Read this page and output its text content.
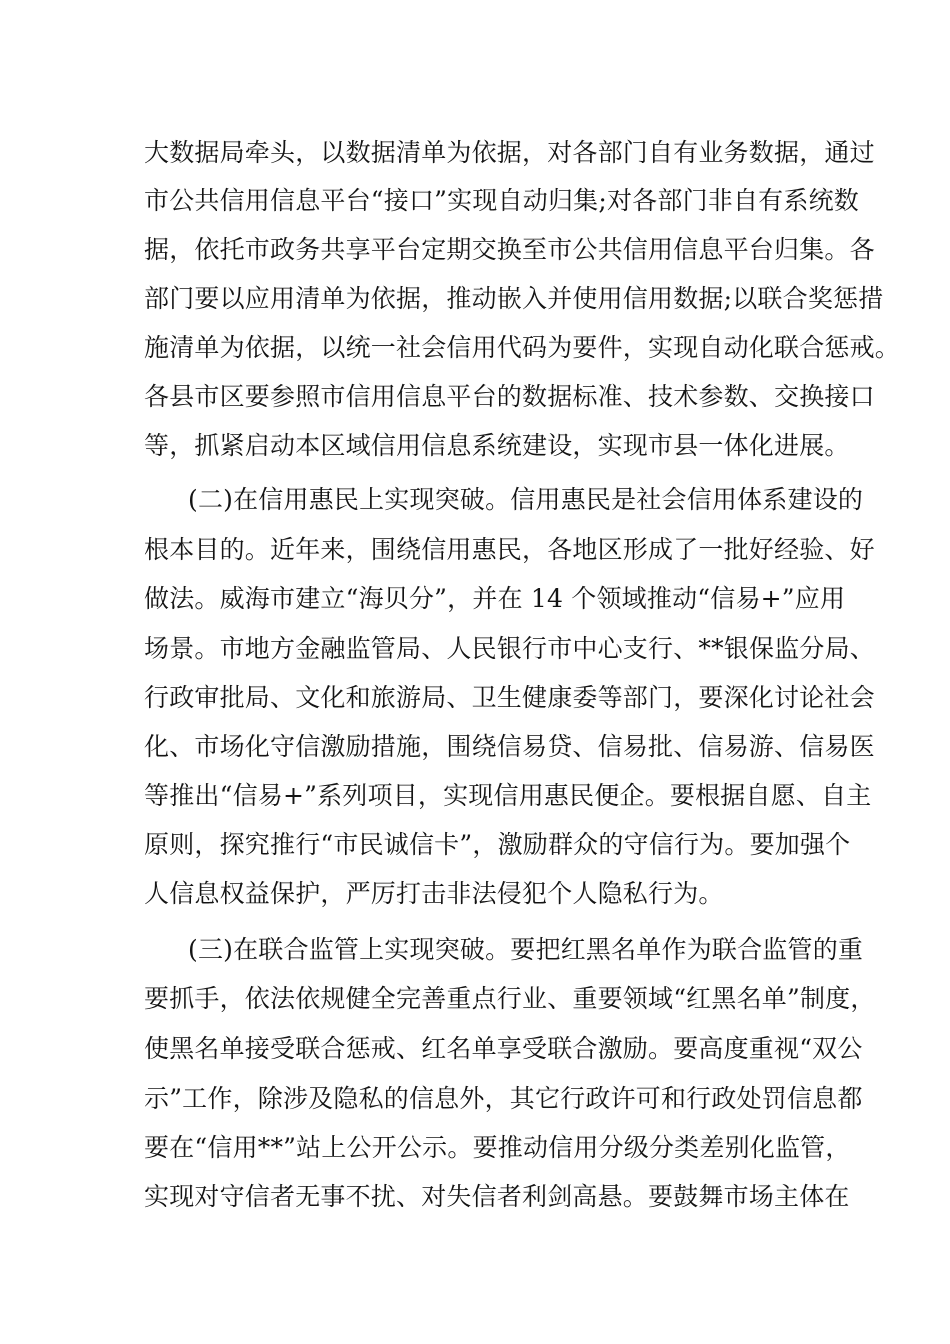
大数据局牵头，以数据清单为依据，对各部门自有业务数据，通过
市公共信用信息平台“接口”实现自动归集;对各部门非自有系统数
据，依托市政务共享平台定期交换至市公共信用信息平台归集。各
部门要以应用清单为依据，推动嵌入并使用信用数据;以联合奖惩措
施清单为依据，以统一社会信用代码为要件，实现自动化联合惩戒。
各县市区要参照市信用信息平台的数据标准、技术参数、交换接口
等，抓紧启动本区域信用信息系统建设，实现市县一体化进展。
(二)在信用惠民上实现突破。信用惠民是社会信用体系建设的
根本目的。近年来，围绕信用惠民，各地区形成了一批好经验、好
做法。威海市建立“海贝分”，并在 14 个领域推动“信易+”应用
场景。市地方金融监管局、人民银行市中心支行、**银保监分局、
行政审批局、文化和旅游局、卫生健康委等部门，要深化讨论社会
化、市场化守信激励措施，围绕信易贷、信易批、信易游、信易医
等推出“信易+”系列项目，实现信用惠民便企。要根据自愿、自主
原则，探究推行“市民诚信卡”，激励群众的守信行为。要加强个
人信息权益保护，严厉打击非法侵犯个人隐私行为。
(三)在联合监管上实现突破。要把红黑名单作为联合监管的重
要抓手，依法依规健全完善重点行业、重要领域“红黑名单”制度，
使黑名单接受联合惩戒、红名单享受联合激励。要高度重视“双公
示”工作，除涉及隐私的信息外，其它行政许可和行政处罚信息都
要在“信用**”站上公开公示。要推动信用分级分类差别化监管，
实现对守信者无事不扰、对失信者利剑高悬。要鼓舞市场主体在
